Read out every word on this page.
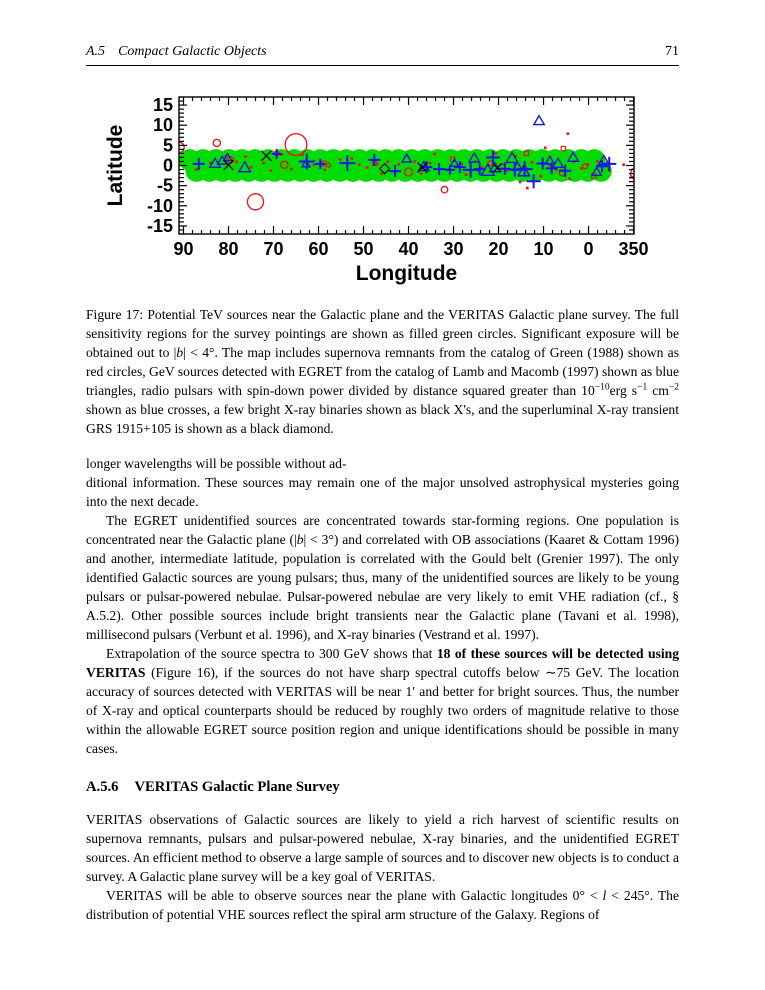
A.5 Compact Galactic Objects	71
90 80 70 60 50 40 30 20 10 0 350
15
10
5
0
-5
-10
-15
Longitude
Latitude
Figure 17: Potential TeV sources near the Galactic plane and the VERITAS Galactic plane survey. The full sensitivity regions for the survey pointings are shown as filled green circles. Significant exposure will be obtained out to |b| < 4°. The map includes supernova remnants from the catalog of Green (1988) shown as red circles, GeV sources detected with EGRET from the catalog of Lamb and Macomb (1997) shown as blue triangles, radio pulsars with spin-down power divided by distance squared greater than $10^{-10}erg$ $s^{-1}$ $cm^{-2}$ shown as blue crosses, a few bright X-ray binaries shown as black X's, and the superluminal X-ray transient GRS 1915+105 is shown as a black diamond.

longer wavelengths will be possible without ad-
ditional information. These sources may remain one of the major unsolved astrophysical mysteries going into the next decade.

The EGRET unidentified sources are concentrated towards star-forming regions. One population is concentrated near the Galactic plane (|b| < 3°) and correlated with OB associations (Kaaret & Cottam 1996) and another, intermediate latitude, population is correlated with the Gould belt (Grenier 1997). The only identified Galactic sources are young pulsars; thus, many of the unidentified sources are likely to be young pulsars or pulsar-powered nebulae. Pulsar-powered nebulae are very likely to emit VHE radiation (cf., § A.5.2). Other possible sources include bright transients near the Galactic plane (Tavani et al. 1998), millisecond pulsars (Verbunt et al. 1996), and X-ray binaries (Vestrand et al. 1997).

Extrapolation of the source spectra to 300 GeV shows that 18 of these sources will be detected using VERITAS (Figure 16), if the sources do not have sharp spectral cutoffs below ∼75 GeV. The location accuracy of sources detected with VERITAS will be near 1′ and better for bright sources. Thus, the number of X-ray and optical counterparts should be reduced by roughly two orders of magnitude relative to those within the allowable EGRET source position region and unique identifications should be possible in many cases.

A.5.6 VERITAS Galactic Plane Survey

VERITAS observations of Galactic sources are likely to yield a rich harvest of scientific results on supernova remnants, pulsars and pulsar-powered nebulae, X-ray binaries, and the unidentified EGRET sources. An efficient method to observe a large sample of sources and to discover new objects is to conduct a survey. A Galactic plane survey will be a key goal of VERITAS.

VERITAS will be able to observe sources near the plane with Galactic longitudes 0° < l < 245°. The distribution of potential VHE sources reflect the spiral arm structure of the Galaxy. Regions of
